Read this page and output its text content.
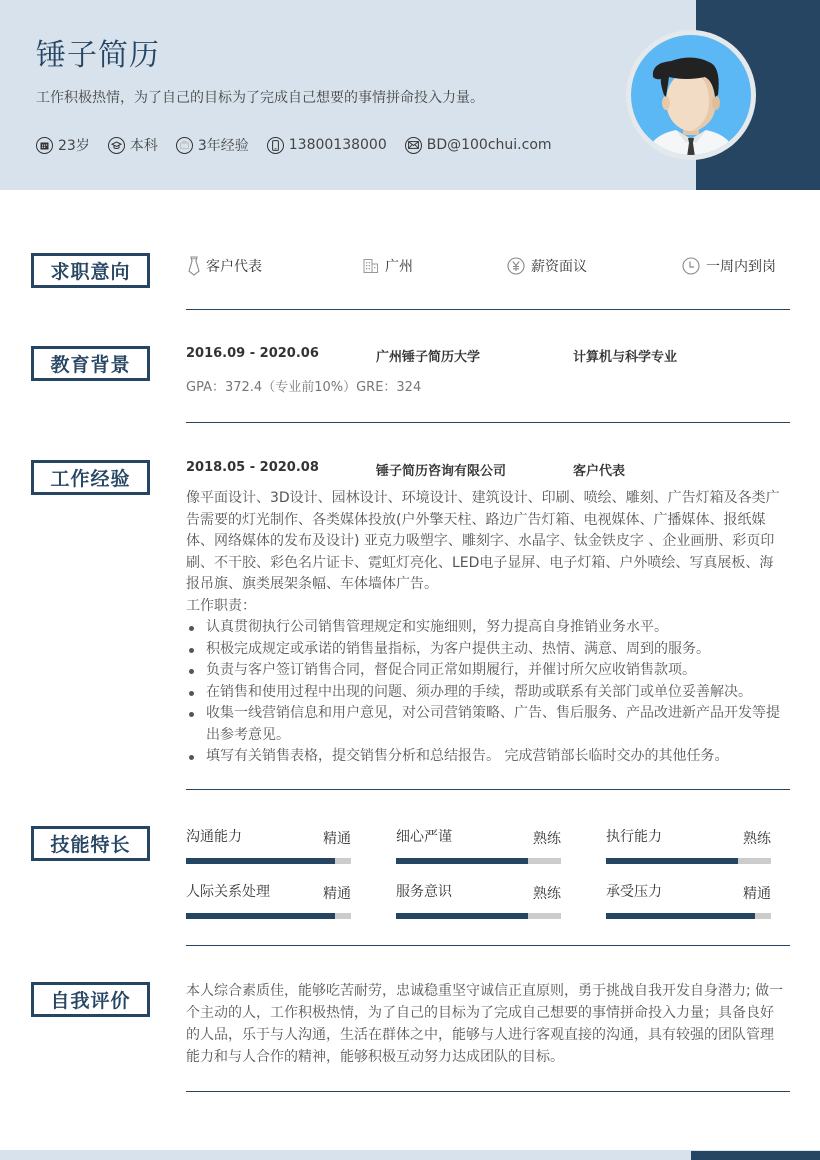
锤子简历
工作积极热情，为了自己的目标为了完成自己想要的事情拼命投入力量。
23岁	本科	3年经验	13800138000	BD@100chui.com
求职意向	客户代表	广州	薪资面议	一周内到岗
教育背景
2016.09 - 2020.06	广州锤子简历大学	计算机与科学专业
GPA：372.4（专业前10%）GRE：324
工作经验
2018.05 - 2020.08	锤子简历咨询有限公司	客户代表
像平面设计、3D设计、园林设计、环境设计、建筑设计、印刷、喷绘、雕刻、广告灯箱及各类广告需要的灯光制作、各类媒体投放(户外擎天柱、路边广告灯箱、电视媒体、广播媒体、报纸媒体、网络媒体的发布及设计) 亚克力吸塑字、雕刻字、水晶字、钛金铁皮字 、企业画册、彩页印刷、不干胶、彩色名片证卡、霓虹灯亮化、LED电子显屏、电子灯箱、户外喷绘、写真展板、海报吊旗、旗类展架条幅、车体墙体广告。
工作职责：
认真贯彻执行公司销售管理规定和实施细则，努力提高自身推销业务水平。
积极完成规定或承诺的销售量指标，为客户提供主动、热情、满意、周到的服务。
负责与客户签订销售合同，督促合同正常如期履行，并催讨所欠应收销售款项。
在销售和使用过程中出现的问题、须办理的手续，帮助或联系有关部门或单位妥善解决。
收集一线营销信息和用户意见，对公司营销策略、广告、售后服务、产品改进新产品开发等提出参考意见。
填写有关销售表格，提交销售分析和总结报告。 完成营销部长临时交办的其他任务。
技能特长	沟通能力	精通	细心严谨	熟练	执行能力	熟练
人际关系处理	精通	服务意识	熟练	承受压力	精通
自我评价	本人综合素质佳，能够吃苦耐劳，忠诚稳重坚守诚信正直原则，勇于挑战自我开发自身潜力; 做一个主动的人，工作积极热情，为了自己的目标为了完成自己想要的事情拼命投入力量；具备良好的人品，乐于与人沟通，生活在群体之中，能够与人进行客观直接的沟通，具有较强的团队管理能力和与人合作的精神，能够积极互动努力达成团队的目标。
